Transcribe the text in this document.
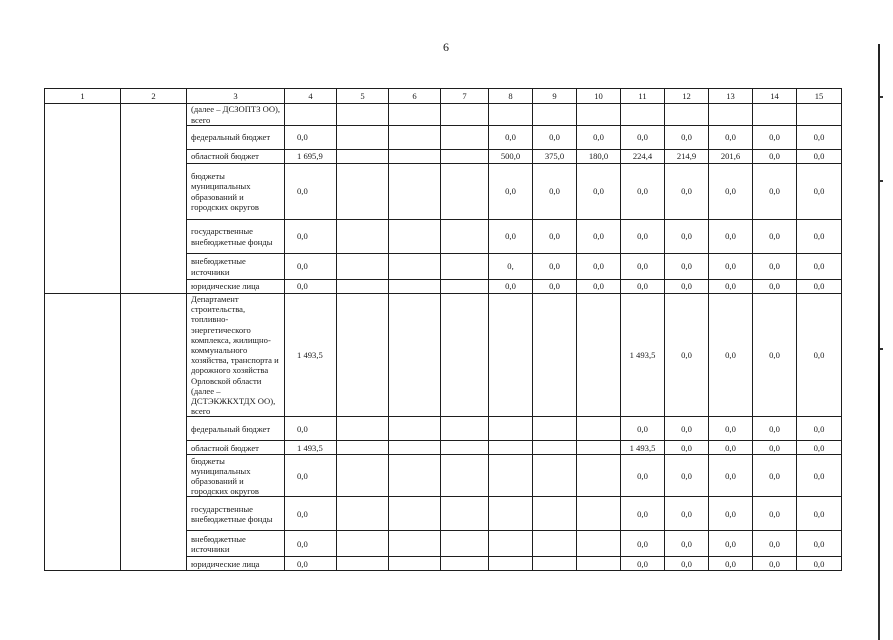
6
1	2	3	4	5	6	7	8	9	10	11	12	13	14	15
		(далее – ДСЗОПТЗ ОО), всего												
		федеральный бюджет	0,0				0,0	0,0	0,0	0,0	0,0	0,0	0,0	0,0
		областной бюджет	1 695,9				500,0	375,0	180,0	224,4	214,9	201,6	0,0	0,0
		бюджеты муниципальных образований и городских округов	0,0				0,0	0,0	0,0	0,0	0,0	0,0	0,0	0,0
		государственные внебюджетные фонды	0,0				0,0	0,0	0,0	0,0	0,0	0,0	0,0	0,0
		внебюджетные источники	0,0				0,	0,0	0,0	0,0	0,0	0,0	0,0	0,0
		юридические лица	0,0				0,0	0,0	0,0	0,0	0,0	0,0	0,0	0,0
		Департамент строительства, топливно-энергетического комплекса, жилищно-коммунального хозяйства, транспорта и дорожного хозяйства Орловской области (далее – ДСТЭКЖКХТДХ ОО), всего	1 493,5							1 493,5	0,0	0,0	0,0	0,0
		федеральный бюджет	0,0							0,0	0,0	0,0	0,0	0,0
		областной бюджет	1 493,5							1 493,5	0,0	0,0	0,0	0,0
		бюджеты муниципальных образований и городских округов	0,0							0,0	0,0	0,0	0,0	0,0
		государственные внебюджетные фонды	0,0							0,0	0,0	0,0	0,0	0,0
		внебюджетные источники	0,0							0,0	0,0	0,0	0,0	0,0
		юридические лица	0,0							0,0	0,0	0,0	0,0	0,0
